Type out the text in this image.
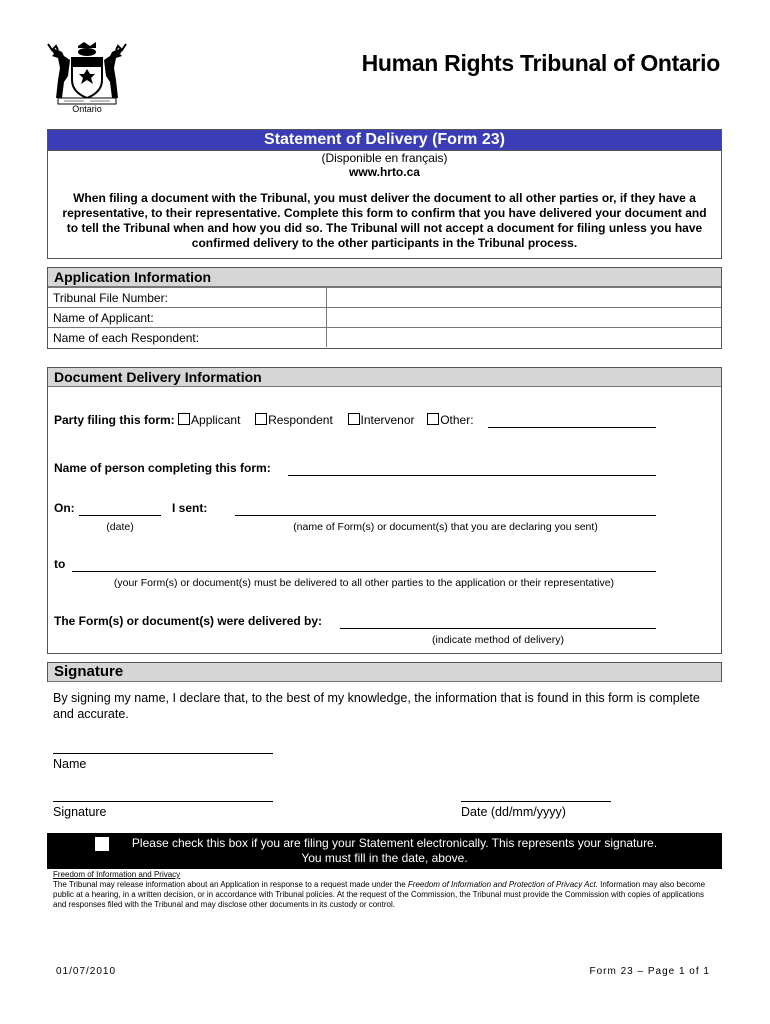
Ontario
Human Rights Tribunal of Ontario
Statement of Delivery (Form 23)
(Disponible en français)
www.hrto.ca
When filing a document with the Tribunal, you must deliver the document to all other parties or, if they have a representative, to their representative. Complete this form to confirm that you have delivered your document and to tell the Tribunal when and how you did so. The Tribunal will not accept a document for filing unless you have confirmed delivery to the other participants in the Tribunal process.
Application Information
Tribunal File Number:	
Name of Applicant:	
Name of each Respondent:	
Document Delivery Information
Party filing this form: Applicant Respondent Intervenor Other:
Name of person completing this form:
On:	I sent:
(date)	(name of Form(s) or document(s) that you are declaring you sent)
to
(your Form(s) or document(s) must be delivered to all other parties to the application or their representative)
The Form(s) or document(s) were delivered by:
(indicate method of delivery)
Signature
By signing my name, I declare that, to the best of my knowledge, the information that is found in this form is complete and accurate.
Name
Signature	Date (dd/mm/yyyy)
Please check this box if you are filing your Statement electronically. This represents your signature.
You must fill in the date, above.
Freedom of Information and Privacy
The Tribunal may release information about an Application in response to a request made under the Freedom of Information and Protection of Privacy Act. Information may also become public at a hearing, in a written decision, or in accordance with Tribunal policies. At the request of the Commission, the Tribunal must provide the Commission with copies of applications and responses filed with the Tribunal and may disclose other documents in its custody or control.
01/07/2010	Form 23 – Page 1 of 1
